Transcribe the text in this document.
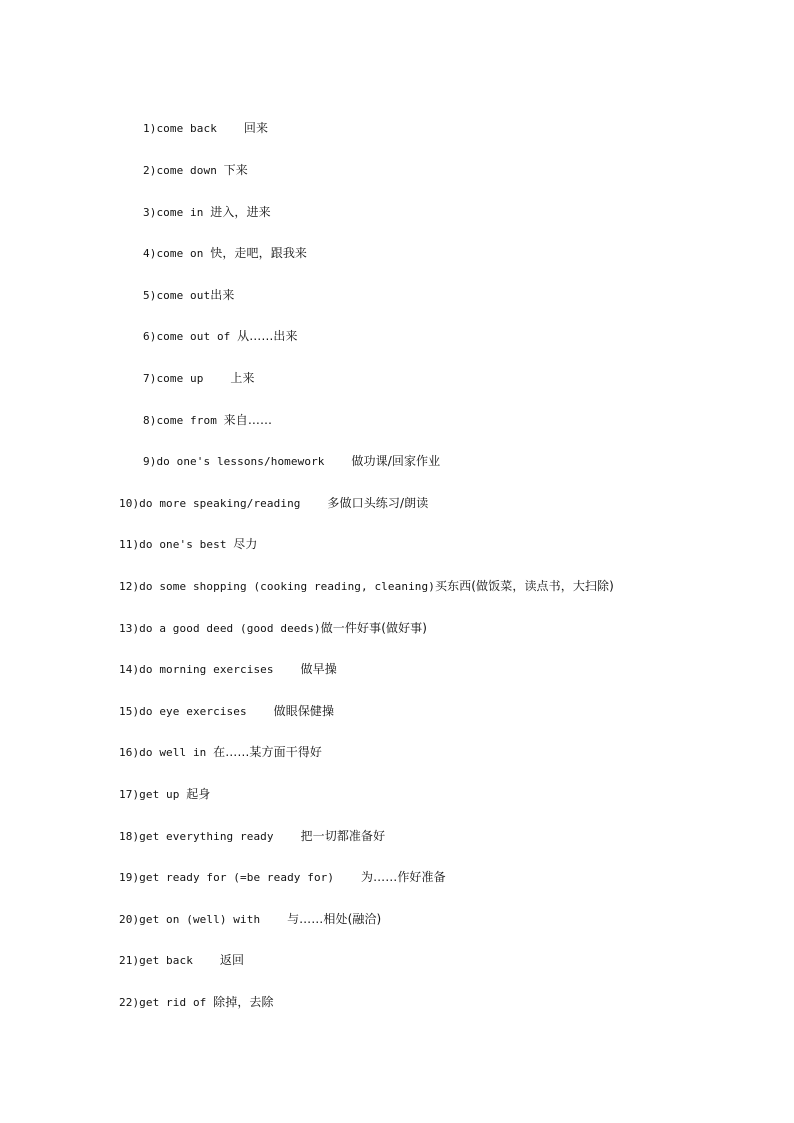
1)come back    回来
2)come down 下来
3)come in 进入，进来
4)come on 快，走吧，跟我来
5)come out出来
6)come out of 从……出来
7)come up    上来
8)come from 来自……
9)do one's lessons/homework    做功课/回家作业
10)do more speaking/reading    多做口头练习/朗读
11)do one's best 尽力
12)do some shopping (cooking reading, cleaning)买东西(做饭菜，读点书，大扫除)
13)do a good deed (good deeds)做一件好事(做好事)
14)do morning exercises    做早操
15)do eye exercises    做眼保健操
16)do well in 在……某方面干得好
17)get up 起身
18)get everything ready    把一切都准备好
19)get ready for (=be ready for)    为……作好准备
20)get on (well) with    与……相处(融洽)
21)get back    返回
22)get rid of 除掉，去除
